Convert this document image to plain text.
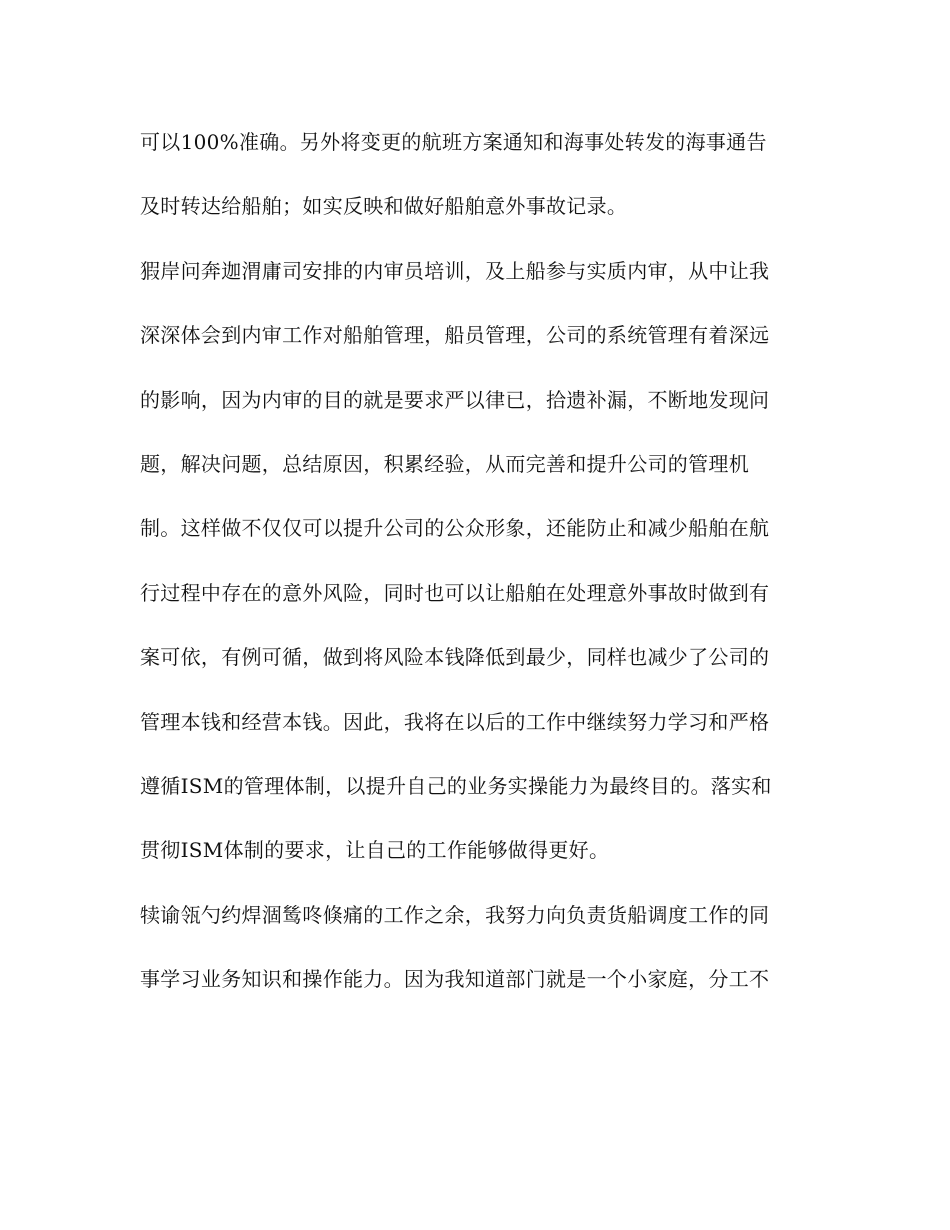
可以100%准确。另外将变更的航班方案通知和海事处转发的海事通告
及时转达给船舶；如实反映和做好船舶意外事故记录。
猳岸问奔迦渭庸司安排的内审员培训，及上船参与实质内审，从中让我
深深体会到内审工作对船舶管理，船员管理，公司的系统管理有着深远
的影响，因为内审的目的就是要求严以律已，拾遗补漏，不断地发现问
题，解决问题，总结原因，积累经验，从而完善和提升公司的管理机
制。这样做不仅仅可以提升公司的公众形象，还能防止和减少船舶在航
行过程中存在的意外风险，同时也可以让船舶在处理意外事故时做到有
案可依，有例可循，做到将风险本钱降低到最少，同样也减少了公司的
管理本钱和经营本钱。因此，我将在以后的工作中继续努力学习和严格
遵循ISM的管理体制，以提升自己的业务实操能力为最终目的。落实和
贯彻ISM体制的要求，让自己的工作能够做得更好。
犊谕瓴勺约焊涸鸶咚倏痛的工作之余，我努力向负责货船调度工作的同
事学习业务知识和操作能力。因为我知道部门就是一个小家庭，分工不
